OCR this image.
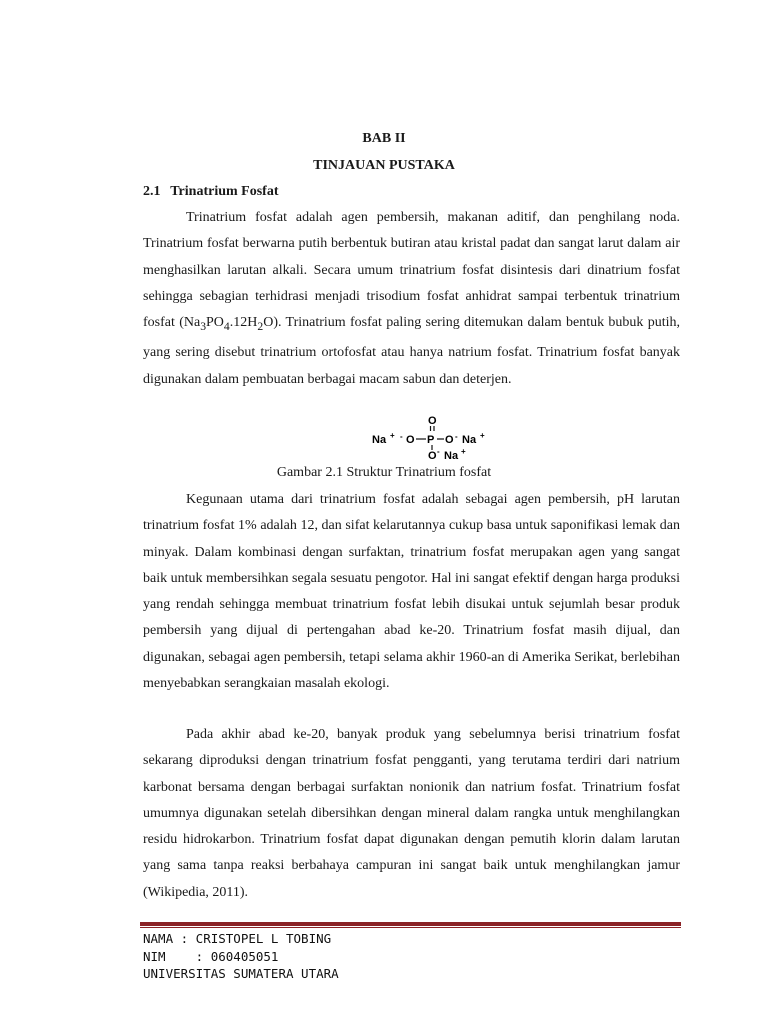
BAB II
TINJAUAN PUSTAKA
2.1 Trinatrium Fosfat

Trinatrium fosfat adalah agen pembersih, makanan aditif, dan penghilang noda. Trinatrium fosfat berwarna putih berbentuk butiran atau kristal padat dan sangat larut dalam air menghasilkan larutan alkali. Secara umum trinatrium fosfat disintesis dari dinatrium fosfat sehingga sebagian terhidrasi menjadi trisodium fosfat anhidrat sampai terbentuk trinatrium fosfat $(Na_3PO_4.12H_2O)$. Trinatrium fosfat paling sering ditemukan dalam bentuk bubuk putih, yang sering disebut trinatrium ortofosfat atau hanya natrium fosfat. Trinatrium fosfat banyak digunakan dalam pembuatan berbagai macam sabun dan deterjen.

O
Na + - O P O - Na +
O - Na +

Gambar 2.1 Struktur Trinatrium fosfat

Kegunaan utama dari trinatrium fosfat adalah sebagai agen pembersih, pH larutan trinatrium fosfat 1% adalah 12, dan sifat kelarutannya cukup basa untuk saponifikasi lemak dan minyak. Dalam kombinasi dengan surfaktan, trinatrium fosfat merupakan agen yang sangat baik untuk membersihkan segala sesuatu pengotor. Hal ini sangat efektif dengan harga produksi yang rendah sehingga membuat trinatrium fosfat lebih disukai untuk sejumlah besar produk pembersih yang dijual di pertengahan abad ke-20. Trinatrium fosfat masih dijual, dan digunakan, sebagai agen pembersih, tetapi selama akhir 1960-an di Amerika Serikat, berlebihan menyebabkan serangkaian masalah ekologi.

Pada akhir abad ke-20, banyak produk yang sebelumnya berisi trinatrium fosfat sekarang diproduksi dengan trinatrium fosfat pengganti, yang terutama terdiri dari natrium karbonat bersama dengan berbagai surfaktan nonionik dan natrium fosfat. Trinatrium fosfat umumnya digunakan setelah dibersihkan dengan mineral dalam rangka untuk menghilangkan residu hidrokarbon. Trinatrium fosfat dapat digunakan dengan pemutih klorin dalam larutan yang sama tanpa reaksi berbahaya campuran ini sangat baik untuk menghilangkan jamur (Wikipedia, 2011).

NAMA : CRISTOPEL L TOBING
NIM    : 060405051
UNIVERSITAS SUMATERA UTARA
